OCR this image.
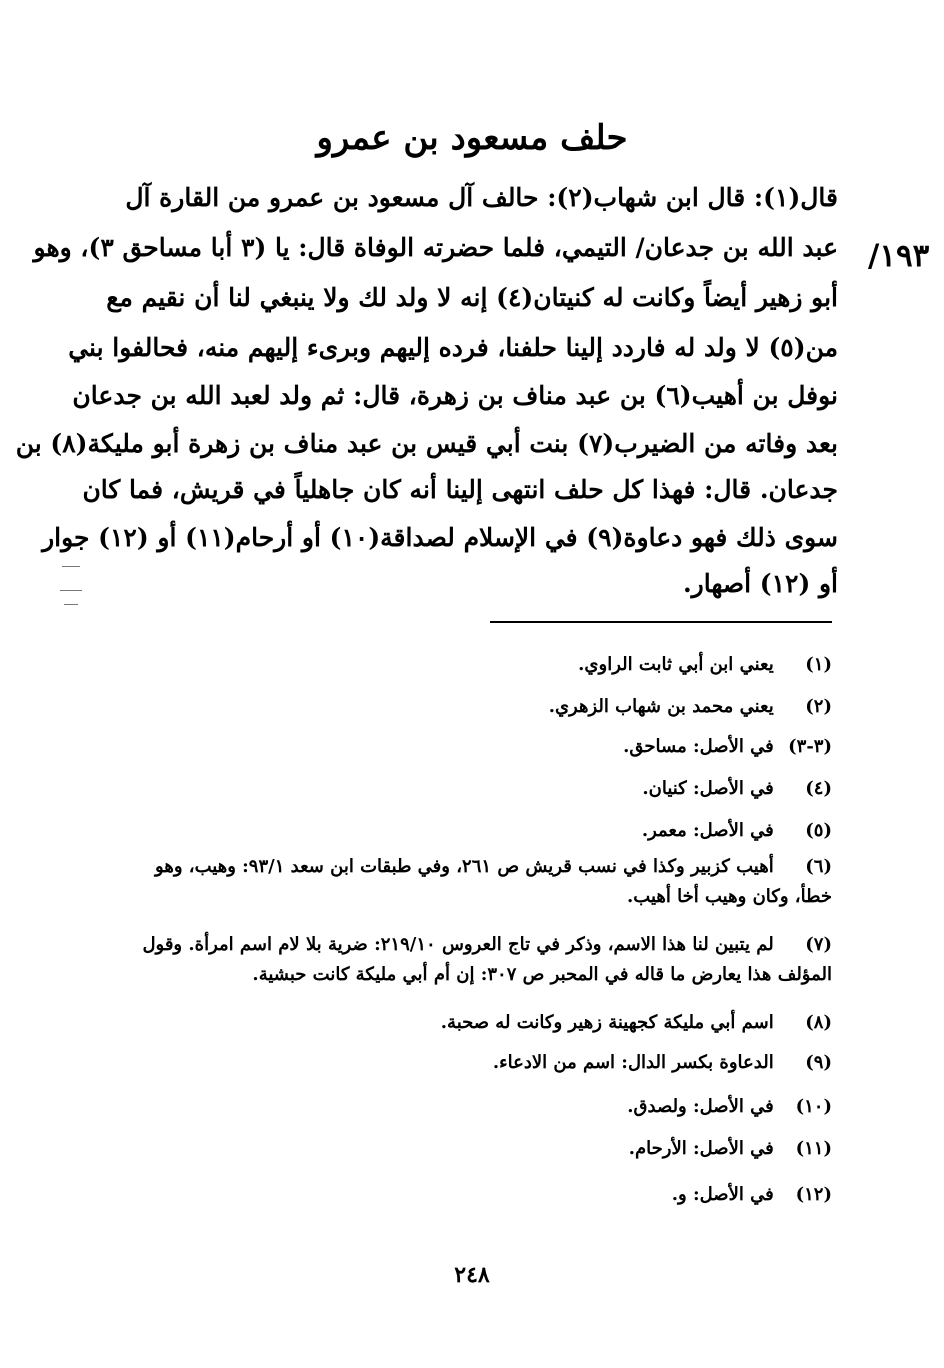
حلف مسعود بن عمرو
١٩٣/
قال(١): قال ابن شهاب(٢): حالف آل مسعود بن عمرو من القارة آل
عبد الله بن جدعان/ التيمي، فلما حضرته الوفاة قال: يا (٣ أبا مساحق ٣)، وهو
أبو زهير أيضاً وكانت له كنيتان(٤) إنه لا ولد لك ولا ينبغي لنا أن نقيم مع
من(٥) لا ولد له فاردد إلينا حلفنا، فرده إليهم وبرىء إليهم منه، فحالفوا بني
نوفل بن أهيب(٦) بن عبد مناف بن زهرة، قال: ثم ولد لعبد الله بن جدعان
بعد وفاته من الضيرب(٧) بنت أبي قيس بن عبد مناف بن زهرة أبو مليكة(٨) بن
جدعان. قال: فهذا كل حلف انتهى إلينا أنه كان جاهلياً في قريش، فما كان
سوى ذلك فهو دعاوة(٩) في الإسلام لصداقة(١٠) أو أرحام(١١) أو (١٢) جوار
أو (١٢) أصهار.
(١) يعني ابن أبي ثابت الراوي.
(٢) يعني محمد بن شهاب الزهري.
(٣-٣) في الأصل: مساحق.
(٤) في الأصل: كنيان.
(٥) في الأصل: معمر.
(٦) أهيب كزبير وكذا في نسب قريش ص ٢٦١، وفي طبقات ابن سعد ٩٣/١: وهيب، وهو خطأ، وكان وهيب أخا أهيب.
(٧) لم يتبين لنا هذا الاسم، وذكر في تاج العروس ٢١٩/١٠: ضرية بلا لام اسم امرأة. وقول المؤلف هذا يعارض ما قاله في المحبر ص ٣٠٧: إن أم أبي مليكة كانت حبشية.
(٨) اسم أبي مليكة كجهينة زهير وكانت له صحبة.
(٩) الدعاوة بكسر الدال: اسم من الادعاء.
(١٠) في الأصل: ولصدق.
(١١) في الأصل: الأرحام.
(١٢) في الأصل: و.
٢٤٨
